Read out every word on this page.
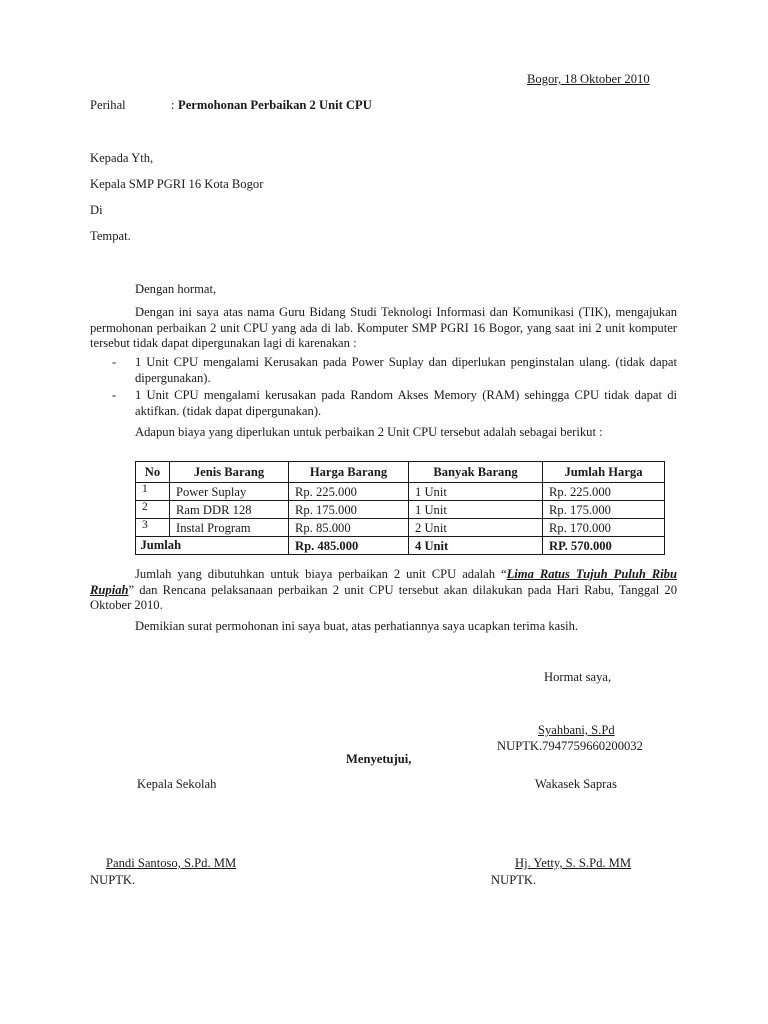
Bogor, 18 Oktober 2010
Perihal	: Permohonan Perbaikan 2 Unit CPU
Kepada Yth,
Kepala SMP PGRI 16 Kota Bogor
Di
Tempat.
Dengan hormat,
Dengan ini saya atas nama Guru Bidang Studi Teknologi Informasi dan Komunikasi (TIK), mengajukan permohonan perbaikan 2 unit CPU yang ada di lab. Komputer SMP PGRI 16 Bogor, yang saat ini 2 unit komputer tersebut tidak dapat dipergunakan lagi di karenakan :
-	1 Unit CPU mengalami Kerusakan pada Power Suplay dan diperlukan penginstalan ulang. (tidak dapat dipergunakan).
-	1 Unit CPU mengalami kerusakan pada Random Akses Memory (RAM) sehingga CPU tidak dapat di aktifkan. (tidak dapat dipergunakan).
Adapun biaya yang diperlukan untuk perbaikan 2 Unit CPU tersebut adalah sebagai berikut :
No	Jenis Barang	Harga Barang	Banyak Barang	Jumlah Harga
1	Power Suplay	Rp. 225.000	1 Unit	Rp. 225.000
2	Ram DDR 128	Rp. 175.000	1 Unit	Rp. 175.000
3	Instal Program	Rp. 85.000	2 Unit	Rp. 170.000

	Jumlah	Rp. 485.000	4 Unit	RP. 570.000
Jumlah yang dibutuhkan untuk biaya perbaikan 2 unit CPU adalah “Lima Ratus Tujuh Puluh Ribu Rupiah” dan Rencana pelaksanaan perbaikan 2 unit CPU tersebut akan dilakukan pada Hari Rabu, Tanggal 20 Oktober 2010.
Demikian surat permohonan ini saya buat, atas perhatiannya saya ucapkan terima kasih.
Hormat saya,
Syahbani, S.Pd
NUPTK.7947759660200032
Menyetujui,
Kepala Sekolah	Wakasek Sapras
Pandi Santoso, S.Pd. MM
NUPTK.
Hj. Yetty, S. S.Pd. MM
NUPTK.
